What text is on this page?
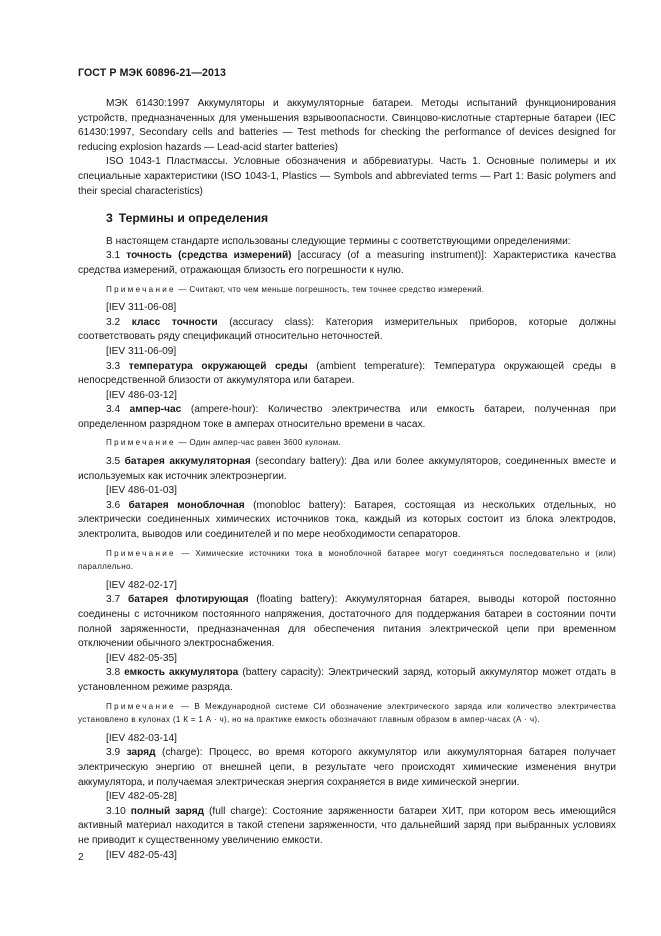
ГОСТ Р МЭК 60896-21—2013

МЭК 61430:1997 Аккумуляторы и аккумуляторные батареи. Методы испытаний функционирования устройств, предназначенных для уменьшения взрывоопасности. Свинцово-кислотные стартерные батареи (IEC 61430:1997, Secondary cells and batteries — Test methods for checking the performance of devices designed for reducing explosion hazards — Lead-acid starter batteries)

ISO 1043-1 Пластмассы. Условные обозначения и аббревиатуры. Часть 1. Основные полимеры и их специальные характеристики (ISO 1043-1, Plastics — Symbols and abbreviated terms — Part 1: Basic polymers and their special characteristics)

3 Термины и определения

В настоящем стандарте использованы следующие термины с соответствующими определениями:

3.1 точность (средства измерений) [accuracy (of a measuring instrument)]: Характеристика качества средства измерений, отражающая близость его погрешности к нулю.

Примечание — Считают, что чем меньше погрешность, тем точнее средство измерений.

[IEV 311-06-08]

3.2 класс точности (accuracy class): Категория измерительных приборов, которые должны соответствовать ряду спецификаций относительно неточностей.

[IEV 311-06-09]

3.3 температура окружающей среды (ambient temperature): Температура окружающей среды в непосредственной близости от аккумулятора или батареи.

[IEV 486-03-12]

3.4 ампер-час (ampere-hour): Количество электричества или емкость батареи, полученная при определенном разрядном токе в амперах относительно времени в часах.

Примечание — Один ампер-час равен 3600 кулонам.

3.5 батарея аккумуляторная (secondary battery): Два или более аккумуляторов, соединенных вместе и используемых как источник электроэнергии.

[IEV 486-01-03]

3.6 батарея моноблочная (monobloc battery): Батарея, состоящая из нескольких отдельных, но электрически соединенных химических источников тока, каждый из которых состоит из блока электродов, электролита, выводов или соединителей и по мере необходимости сепараторов.

Примечание — Химические источники тока в моноблочной батарее могут соединяться последовательно и (или) параллельно.

[IEV 482-02-17]

3.7 батарея флотирующая (floating battery): Аккумуляторная батарея, выводы которой постоянно соединены с источником постоянного напряжения, достаточного для поддержания батареи в состоянии почти полной заряженности, предназначенная для обеспечения питания электрической цепи при временном отключении обычного электроснабжения.

[IEV 482-05-35]

3.8 емкость аккумулятора (battery capacity): Электрический заряд, который аккумулятор может отдать в установленном режиме разряда.

Примечание — В Международной системе СИ обозначение электрического заряда или количество электричества установлено в кулонах (1 К = 1 А · ч), но на практике емкость обозначают главным образом в ампер-часах (А · ч).

[IEV 482-03-14]

3.9 заряд (charge): Процесс, во время которого аккумулятор или аккумуляторная батарея получает электрическую энергию от внешней цепи, в результате чего происходят химические изменения внутри аккумулятора, и получаемая электрическая энергия сохраняется в виде химической энергии.

[IEV 482-05-28]

3.10 полный заряд (full charge): Состояние заряженности батареи ХИТ, при котором весь имеющийся активный материал находится в такой степени заряженности, что дальнейший заряд при выбранных условиях не приводит к существенному увеличению емкости.

[IEV 482-05-43]

2
